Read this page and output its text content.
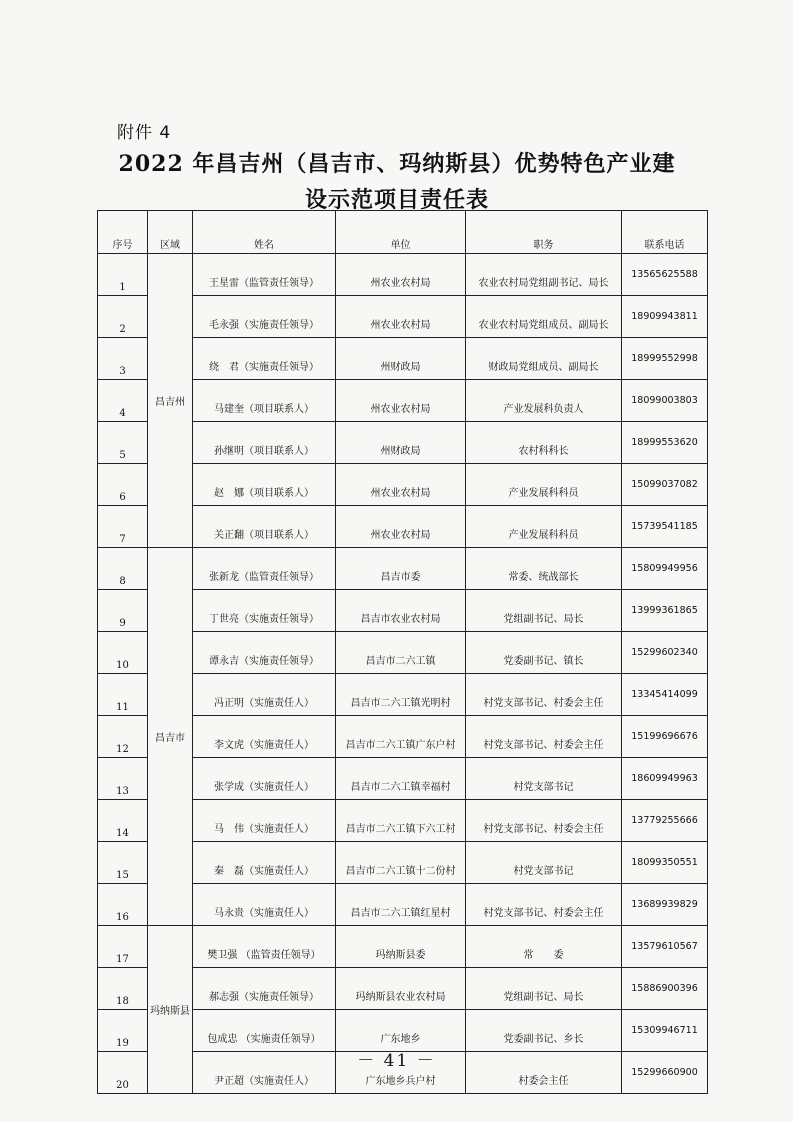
附件 4
2022 年昌吉州（昌吉市、玛纳斯县）优势特色产业建
设示范项目责任表
序号	区域	姓名	单位	职务	联系电话
1	昌吉州	王星雷（监管责任领导）	州农业农村局	农业农村局党组副书记、局长	13565625588
2		毛永强（实施责任领导）	州农业农村局	农业农村局党组成员、副局长	18909943811
3		绕　君（实施责任领导）	州财政局	财政局党组成员、副局长	18999552998
4		马建奎（项目联系人）	州农业农村局	产业发展科负责人	18099003803
5		孙继明（项目联系人）	州财政局	农村科科长	18999553620
6		赵　娜（项目联系人）	州农业农村局	产业发展科科员	15099037082
7		关正翻（项目联系人）	州农业农村局	产业发展科科员	15739541185
8	昌吉市	张新龙（监管责任领导）	昌吉市委	常委、统战部长	15809949956
9		丁世亮（实施责任领导）	昌吉市农业农村局	党组副书记、局长	13999361865
10		谭永吉（实施责任领导）	昌吉市二六工镇	党委副书记、镇长	15299602340
11		冯正明（实施责任人）	昌吉市二六工镇光明村	村党支部书记、村委会主任	13345414099
12		李文虎（实施责任人）	昌吉市二六工镇广东户村	村党支部书记、村委会主任	15199696676
13		张学成（实施责任人）	昌吉市二六工镇幸福村	村党支部书记	18609949963
14		马　伟（实施责任人）	昌吉市二六工镇下六工村	村党支部书记、村委会主任	13779255666
15		秦　磊（实施责任人）	昌吉市二六工镇十二份村	村党支部书记	18099350551
16		马永贵（实施责任人）	昌吉市二六工镇红星村	村党支部书记、村委会主任	13689939829
17	玛纳斯县	樊卫强 （监管责任领导）	玛纳斯县委	常　　委	13579610567
18		郝志强（实施责任领导）	玛纳斯县农业农村局	党组副书记、局长	15886900396
19		包成忠 （实施责任领导）	广东地乡	党委副书记、乡长	15309946711
20		尹正超（实施责任人）	广东地乡兵户村	村委会主任	15299660900
－ 41 －
